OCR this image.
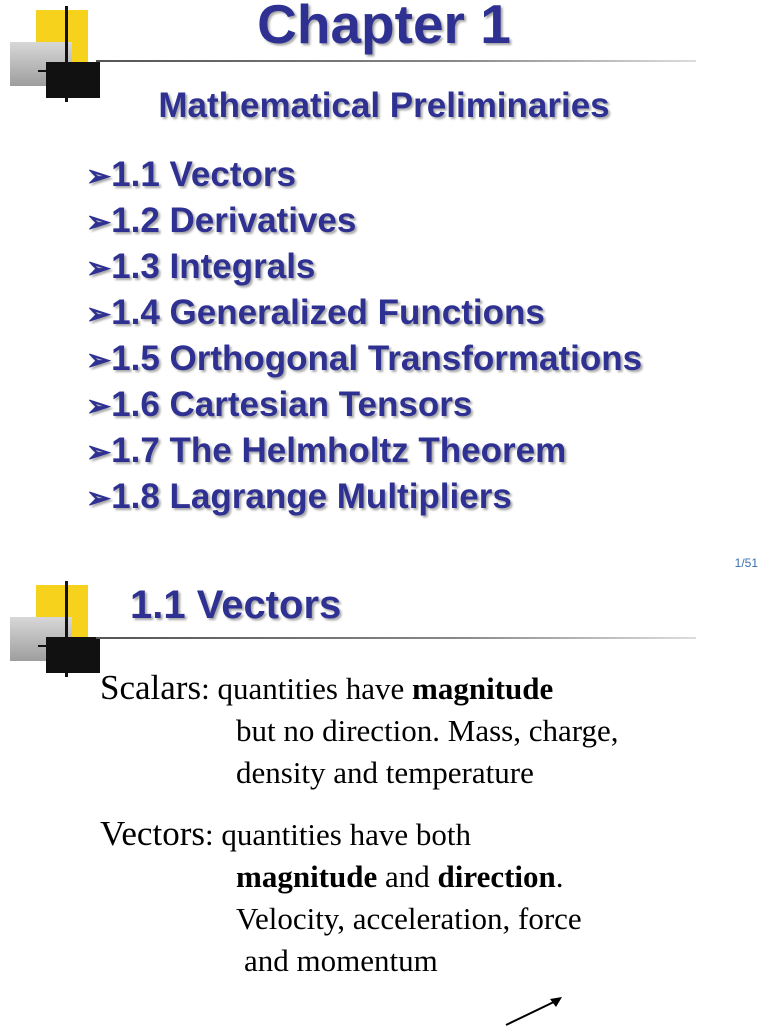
Chapter 1
Mathematical Preliminaries
➢1.1 Vectors
➢1.2 Derivatives
➢1.3 Integrals
➢1.4 Generalized Functions
➢1.5 Orthogonal Transformations
➢1.6 Cartesian Tensors
➢1.7 The Helmholtz Theorem
➢1.8 Lagrange Multipliers
1/51
1.1 Vectors
Scalars: quantities have magnitude
but no direction. Mass, charge,
density and temperature
Vectors: quantities have both
magnitude and direction.
Velocity, acceleration, force
and momentum
